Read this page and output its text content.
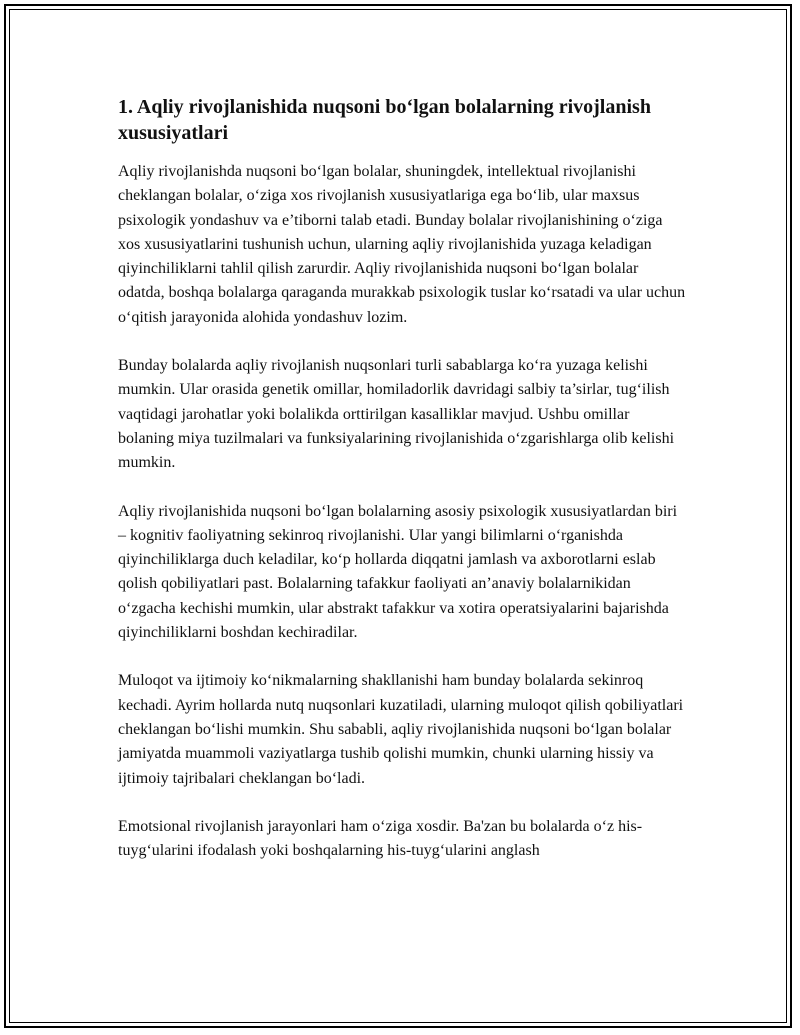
1. Aqliy rivojlanishida nuqsoni bo‘lgan bolalarning rivojlanish xususiyatlari

Aqliy rivojlanishda nuqsoni bo‘lgan bolalar, shuningdek, intellektual rivojlanishi cheklangan bolalar, o‘ziga xos rivojlanish xususiyatlariga ega bo‘lib, ular maxsus psixologik yondashuv va e’tiborni talab etadi. Bunday bolalar rivojlanishining o‘ziga xos xususiyatlarini tushunish uchun, ularning aqliy rivojlanishida yuzaga keladigan qiyinchiliklarni tahlil qilish zarurdir. Aqliy rivojlanishida nuqsoni bo‘lgan bolalar odatda, boshqa bolalarga qaraganda murakkab psixologik tuslar ko‘rsatadi va ular uchun o‘qitish jarayonida alohida yondashuv lozim.

Bunday bolalarda aqliy rivojlanish nuqsonlari turli sabablarga ko‘ra yuzaga kelishi mumkin. Ular orasida genetik omillar, homiladorlik davridagi salbiy ta’sirlar, tug‘ilish vaqtidagi jarohatlar yoki bolalikda orttirilgan kasalliklar mavjud. Ushbu omillar bolaning miya tuzilmalari va funksiyalarining rivojlanishida o‘zgarishlarga olib kelishi mumkin.

Aqliy rivojlanishida nuqsoni bo‘lgan bolalarning asosiy psixologik xususiyatlardan biri – kognitiv faoliyatning sekinroq rivojlanishi. Ular yangi bilimlarni o‘rganishda qiyinchiliklarga duch keladilar, ko‘p hollarda diqqatni jamlash va axborotlarni eslab qolish qobiliyatlari past. Bolalarning tafakkur faoliyati an’anaviy bolalarnikidan o‘zgacha kechishi mumkin, ular abstrakt tafakkur va xotira operatsiyalarini bajarishda qiyinchiliklarni boshdan kechiradilar.

Muloqot va ijtimoiy ko‘nikmalarning shakllanishi ham bunday bolalarda sekinroq kechadi. Ayrim hollarda nutq nuqsonlari kuzatiladi, ularning muloqot qilish qobiliyatlari cheklangan bo‘lishi mumkin. Shu sababli, aqliy rivojlanishida nuqsoni bo‘lgan bolalar jamiyatda muammoli vaziyatlarga tushib qolishi mumkin, chunki ularning hissiy va ijtimoiy tajribalari cheklangan bo‘ladi.

Emotsional rivojlanish jarayonlari ham o‘ziga xosdir. Ba'zan bu bolalarda o‘z his-tuyg‘ularini ifodalash yoki boshqalarning his-tuyg‘ularini anglash
